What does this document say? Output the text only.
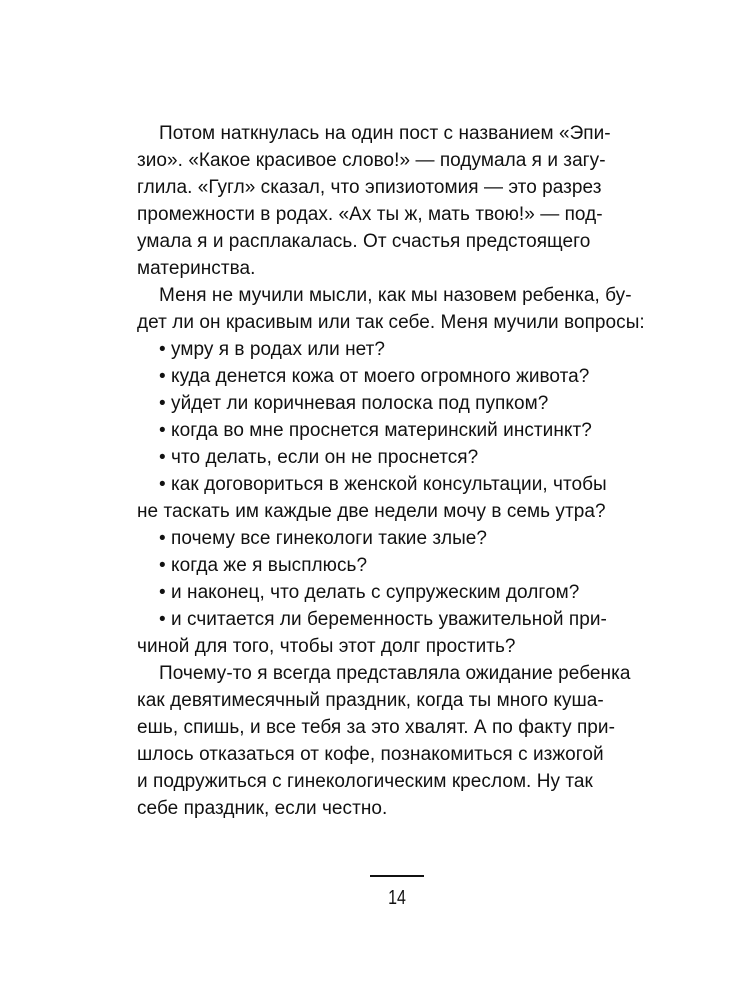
Потом наткнулась на один пост с названием «Эпи-
зио». «Какое красивое слово!» — подумала я и загу-
глила. «Гугл» сказал, что эпизиотомия — это разрез
промежности в родах. «Ах ты ж, мать твою!» — под-
умала я и расплакалась. От счастья предстоящего
материнства.
Меня не мучили мысли, как мы назовем ребенка, бу-
дет ли он красивым или так себе. Меня мучили вопросы:
• умру я в родах или нет?
• куда денется кожа от моего огромного живота?
• уйдет ли коричневая полоска под пупком?
• когда во мне проснется материнский инстинкт?
• что делать, если он не проснется?
• как договориться в женской консультации, чтобы
не таскать им каждые две недели мочу в семь утра?
• почему все гинекологи такие злые?
• когда же я высплюсь?
• и наконец, что делать с супружеским долгом?
• и считается ли беременность уважительной при-
чиной для того, чтобы этот долг простить?
Почему-то я всегда представляла ожидание ребенка
как девятимесячный праздник, когда ты много куша-
ешь, спишь, и все тебя за это хвалят. А по факту при-
шлось отказаться от кофе, познакомиться с изжогой
и подружиться с гинекологическим креслом. Ну так
себе праздник, если честно.
14
